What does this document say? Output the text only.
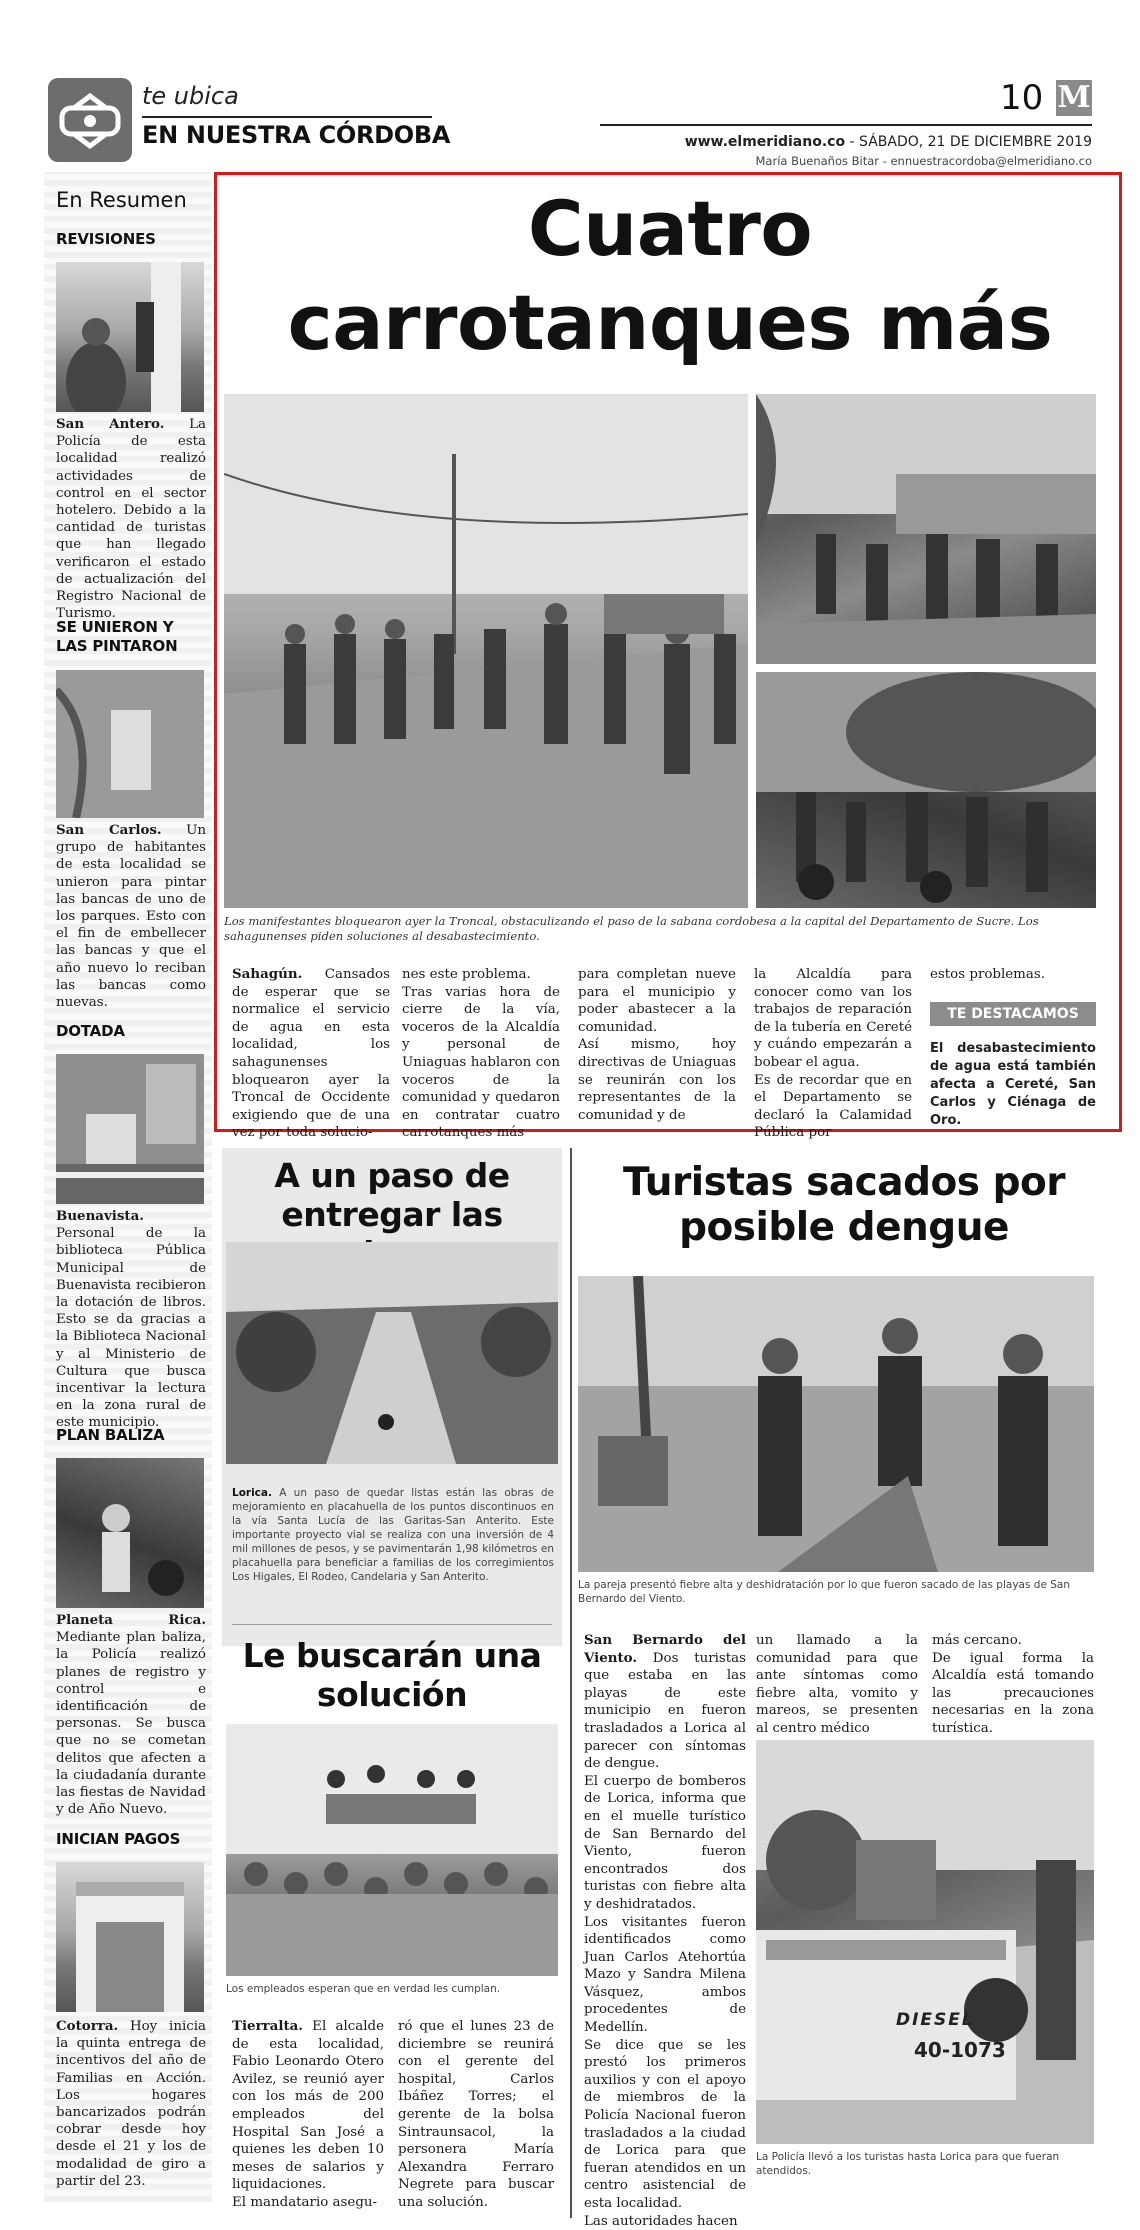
te ubica
EN NUESTRA CÓRDOBA
10 M
www.elmeridiano.co - SÁBADO, 21 DE DICIEMBRE 2019
María Buenaños Bitar - ennuestracordoba@elmeridiano.co
En Resumen
REVISIONES
San Antero. La Policía de esta localidad realizó actividades de control en el sector hotelero. Debido a la cantidad de turistas que han llegado verificaron el estado de actualización del Registro Nacional de Turismo.
SE UNIERON Y LAS PINTARON
San Carlos. Un grupo de habitantes de esta localidad se unieron para pintar las bancas de uno de los parques. Esto con el fin de embellecer las bancas y que el año nuevo lo reciban las bancas como nuevas.
DOTADA
Buenavista. Personal de la biblioteca Pública Municipal de Buenavista recibieron la dotación de libros. Esto se da gracias a la Biblioteca Nacional y al Ministerio de Cultura que busca incentivar la lectura en la zona rural de este municipio.
PLAN BALIZA
Planeta Rica. Mediante plan baliza, la Policía realizó planes de registro y control e identificación de personas. Se busca que no se cometan delitos que afecten a la ciudadanía durante las fiestas de Navidad y de Año Nuevo.
INICIAN PAGOS
Cotorra. Hoy inicia la quinta entrega de incentivos del año de Familias en Acción. Los hogares bancarizados podrán cobrar desde hoy desde el 21 y los de modalidad de giro a partir del 23.
Cuatro
carrotanques más
Los manifestantes bloquearon ayer la Troncal, obstaculizando el paso de la sabana cordobesa a la capital del Departamento de Sucre. Los sahagunenses piden soluciones al desabastecimiento.
Sahagún. Cansados de esperar que se normalice el servicio de agua en esta localidad, los sahagunenses bloquearon ayer la Troncal de Occidente exigiendo que de una vez por toda solucio-
nes este problema.
Tras varias hora de cierre de la vía, voceros de la Alcaldía y personal de Uniaguas hablaron con voceros de la comunidad y quedaron en contratar cuatro carrotanques más
para completan nueve para el municipio y poder abastecer a la comunidad.
Así mismo, hoy directivas de Uniaguas se reunirán con los representantes de la comunidad y de
la Alcaldía para conocer como van los trabajos de reparación de la tubería en Cereté y cuándo empezarán a bobear el agua.
Es de recordar que en el Departamento se declaró la Calamidad Pública por
estos problemas.
TE DESTACAMOS
El desabastecimiento de agua está también afecta a Cereté, San Carlos y Ciénaga de Oro.
A un paso de entregar las
Lorica. A un paso de quedar listas están las obras de mejoramiento en placahuella de los puntos discontinuos en la vía Santa Lucía de las Garitas-San Anterito. Este importante proyecto vial se realiza con una inversión de 4 mil millones de pesos, y se pavimentarán 1,98 kilómetros en placahuella para beneficiar a familias de los corregimientos Los Higales, El Rodeo, Candelaria y San Anterito.
Le buscarán una solución
Los empleados esperan que en verdad les cumplan.
Tierralta. El alcalde de esta localidad, Fabio Leonardo Otero Avilez, se reunió ayer con los más de 200 empleados del Hospital San José a quienes les deben 10 meses de salarios y liquidaciones.
El mandatario asegu-
ró que el lunes 23 de diciembre se reunirá con el gerente del hospital, Carlos Ibáñez Torres; el gerente de la bolsa Sintraunsacol, la personera María Alexandra Ferraro Negrete para buscar una solución.
Turistas sacados por posible dengue
La pareja presentó fiebre alta y deshidratación por lo que fueron sacado de las playas de San Bernardo del Viento.
San Bernardo del Viento. Dos turistas que estaba en las playas de este municipio en fueron trasladados a Lorica al parecer con síntomas de dengue.
El cuerpo de bomberos de Lorica, informa que en el muelle turístico de San Bernardo del Viento, fueron encontrados dos turistas con fiebre alta y deshidratados.
Los visitantes fueron identificados como Juan Carlos Atehortúa Mazo y Sandra Milena Vásquez, ambos procedentes de Medellín.
Se dice que se les prestó los primeros auxilios y con el apoyo de miembros de la Policía Nacional fueron trasladados a la ciudad de Lorica para que fueran atendidos en un centro asistencial de esta localidad.
Las autoridades hacen
un llamado a la comunidad para que ante síntomas como fiebre alta, vomito y mareos, se presenten al centro médico
más cercano.
De igual forma la Alcaldía está tomando las precauciones necesarias en la zona turística.
DIESEL
40-1073
La Policía llevó a los turistas hasta Lorica para que fueran atendidos.
